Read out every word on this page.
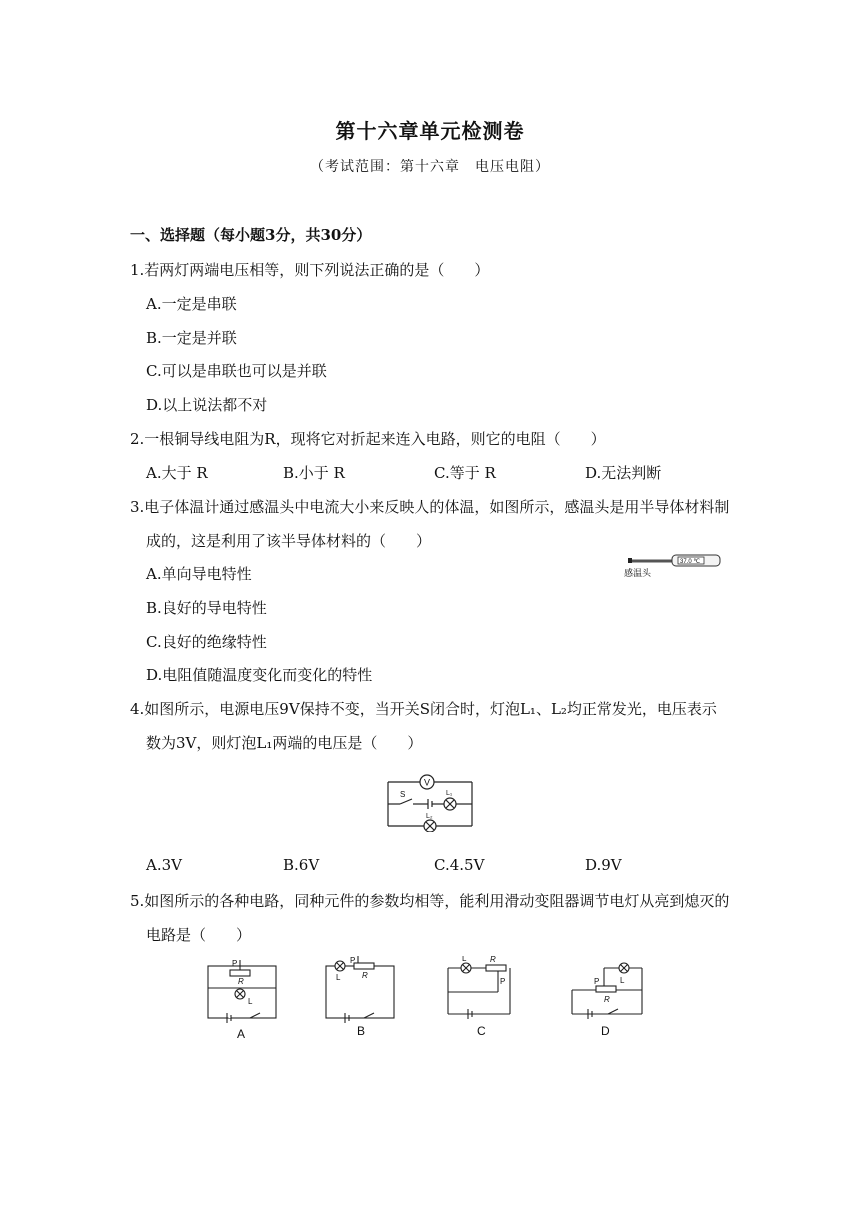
第十六章单元检测卷
（考试范围：第十六章　电压电阻）
一、选择题（每小题3分，共30分）
1.若两灯两端电压相等，则下列说法正确的是（　　）
A.一定是串联
B.一定是并联
C.可以是串联也可以是并联
D.以上说法都不对
2.一根铜导线电阻为R，现将它对折起来连入电路，则它的电阻（　　）
A.大于 R	B.小于 R	C.等于 R	D.无法判断
3.电子体温计通过感温头中电流大小来反映人的体温，如图所示，感温头是用半导体材料制
成的，这是利用了该半导体材料的（　　）
A.单向导电特性
B.良好的导电特性
C.良好的绝缘特性
D.电阻值随温度变化而变化的特性
37.0 ℃
感温头
4.如图所示，电源电压9V保持不变，当开关S闭合时，灯泡L₁、L₂均正常发光，电压表示
数为3V，则灯泡L₁两端的电压是（　　）
V
S	L₁
L₂
A.3V	B.6V	C.4.5V	D.9V
5.如图所示的各种电路，同种元件的参数均相等，能利用滑动变阻器调节电灯从亮到熄灭的
电路是（　　）
P
R
L
L
P
R
L	R
P	P	L
R
A	B	C	D
